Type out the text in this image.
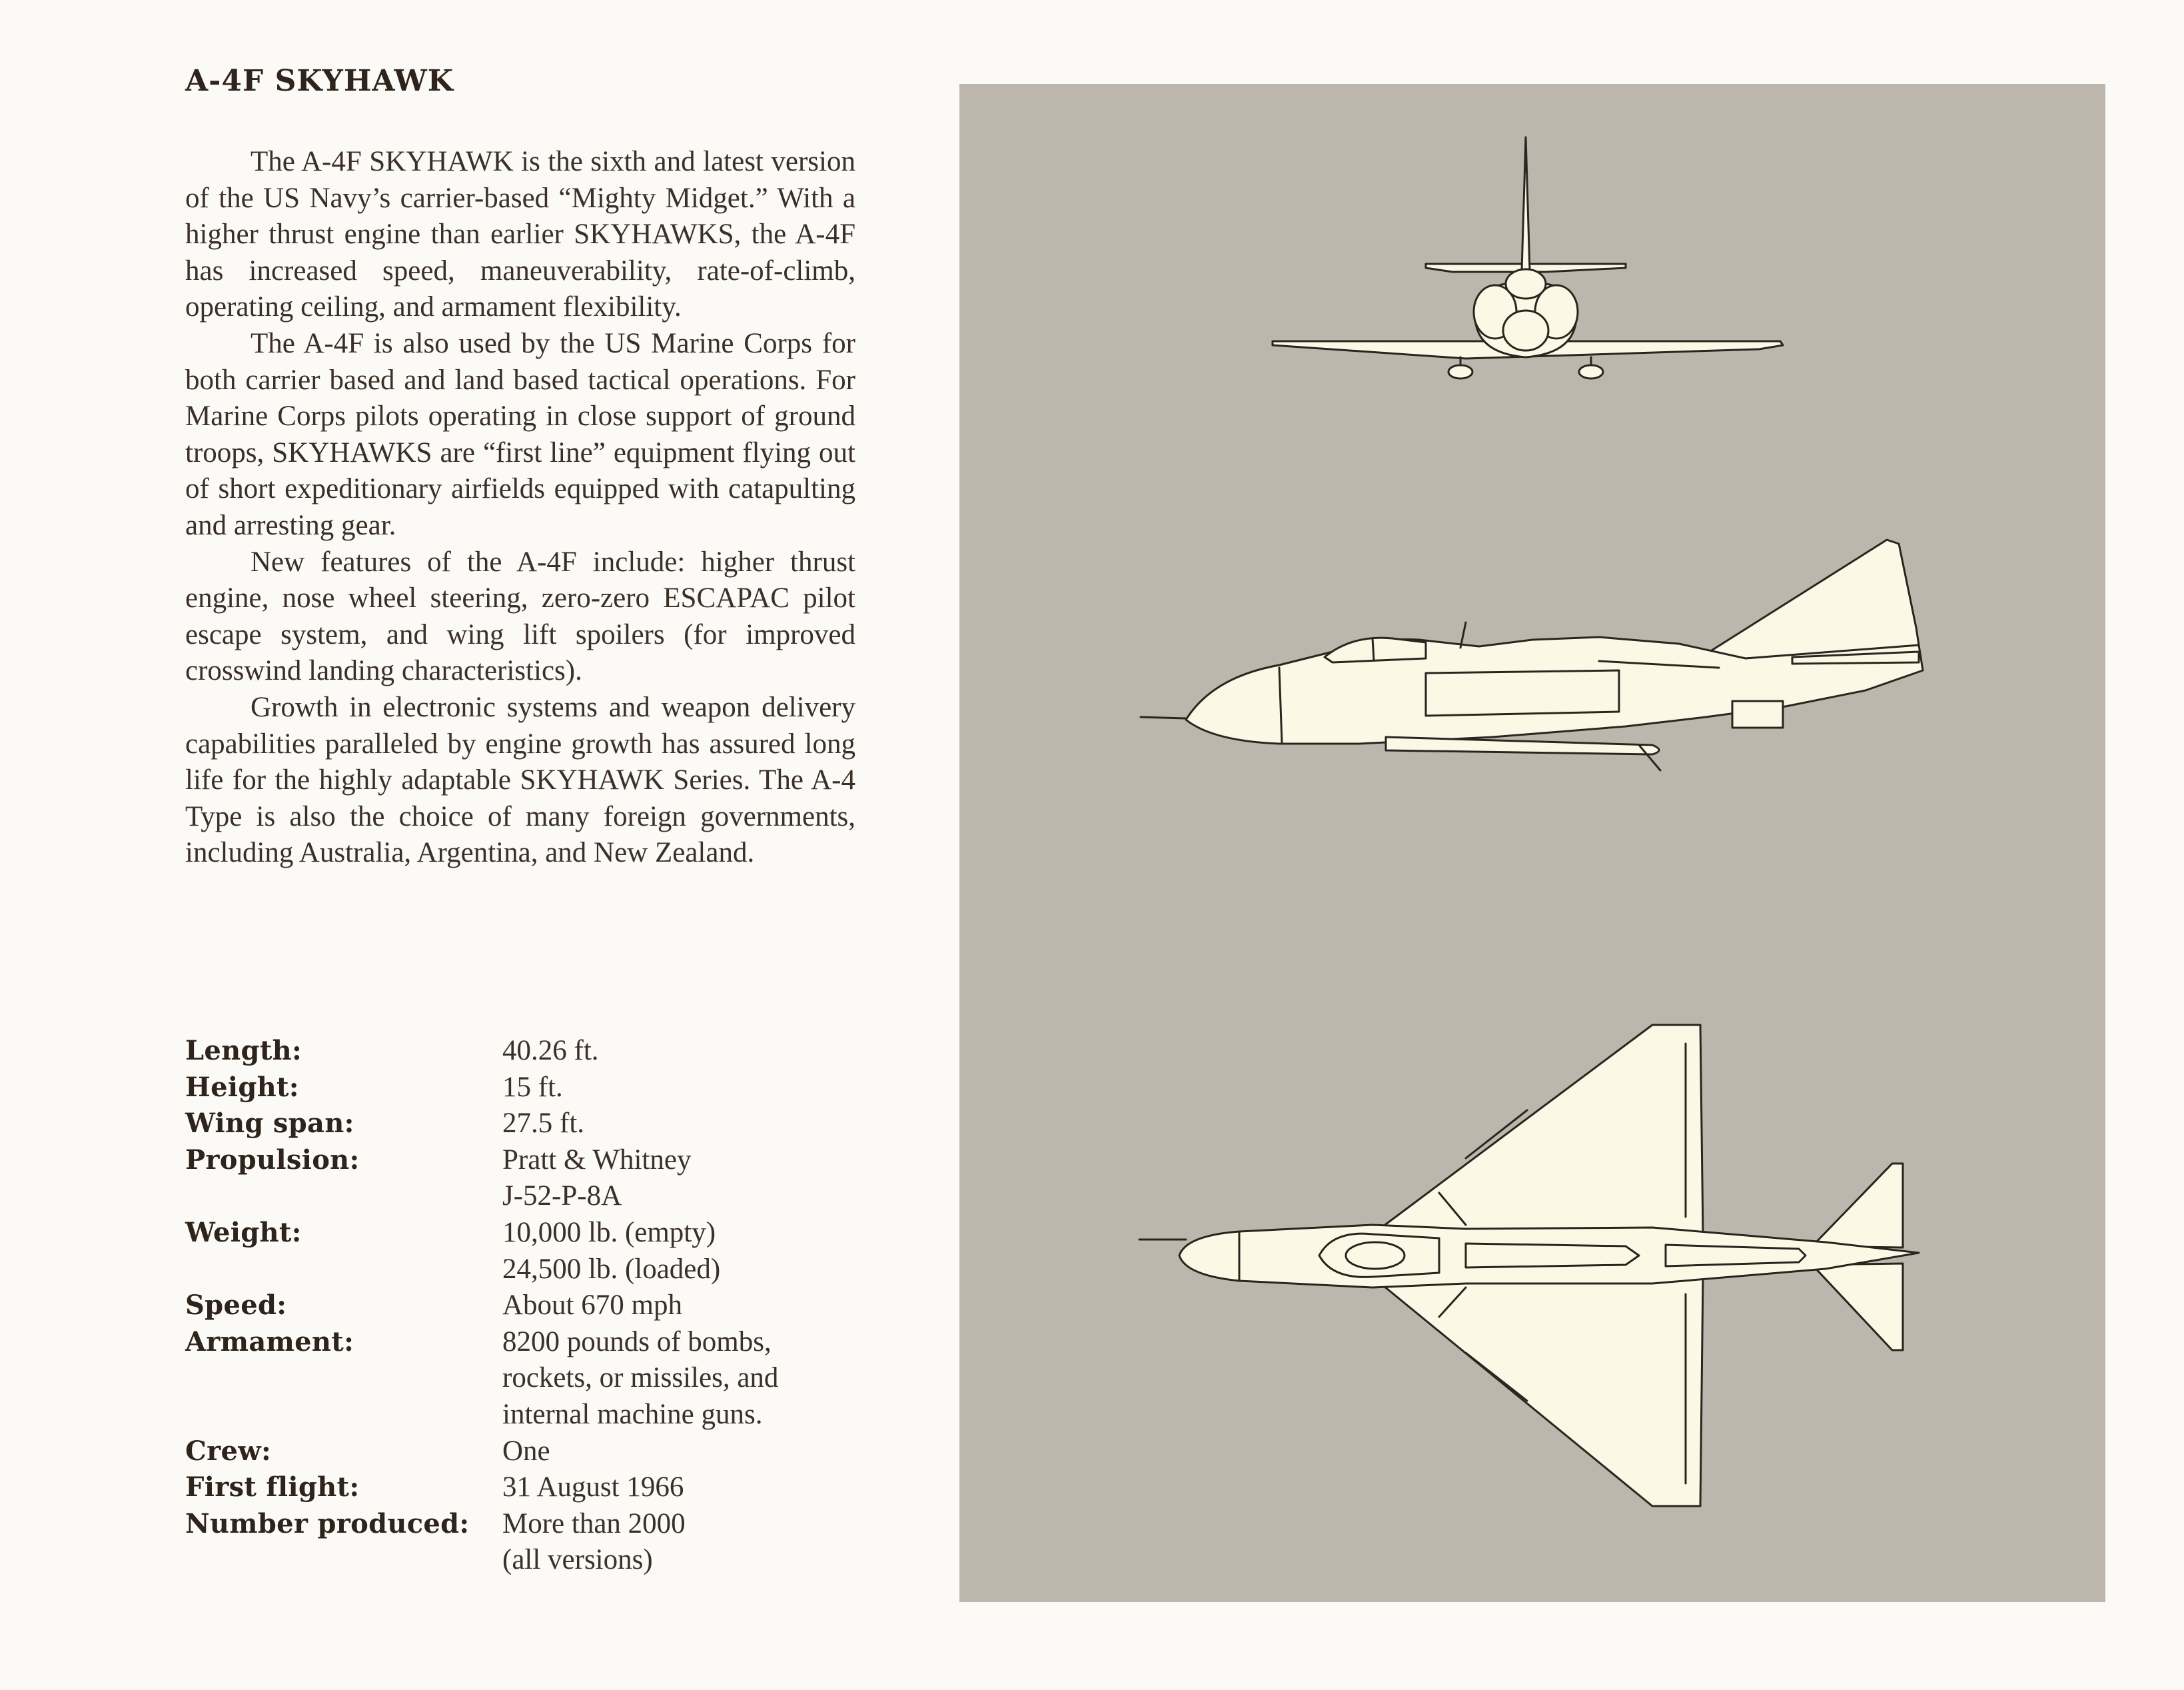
A-4F SKYHAWK

The A-4F SKYHAWK is the sixth and latest version of the US Navy’s carrier-based “Mighty Midget.” With a higher thrust engine than earlier SKYHAWKS, the A-4F has increased speed, maneuverability, rate-of-climb, operating ceiling, and armament flexibility.

The A-4F is also used by the US Marine Corps for both carrier based and land based tactical operations. For Marine Corps pilots operating in close support of ground troops, SKYHAWKS are “first line” equipment flying out of short expeditionary airfields equipped with catapulting and arresting gear.

New features of the A-4F include: higher thrust engine, nose wheel steering, zero-zero ESCAPAC pilot escape system, and wing lift spoilers (for improved crosswind landing characteristics).

Growth in electronic systems and weapon delivery capabilities paralleled by engine growth has assured long life for the highly adaptable SKYHAWK Series. The A-4 Type is also the choice of many foreign governments, including Australia, Argentina, and New Zealand.

Length:	40.26 ft.
Height:	15 ft.
Wing span:	27.5 ft.
Propulsion:	Pratt & Whitney
J-52-P-8A
Weight:	10,000 lb. (empty)
24,500 lb. (loaded)
Speed:	About 670 mph
Armament:	8200 pounds of bombs,
rockets, or missiles, and
internal machine guns.
Crew:	One
First flight:	31 August 1966
Number produced:	More than 2000
(all versions)
